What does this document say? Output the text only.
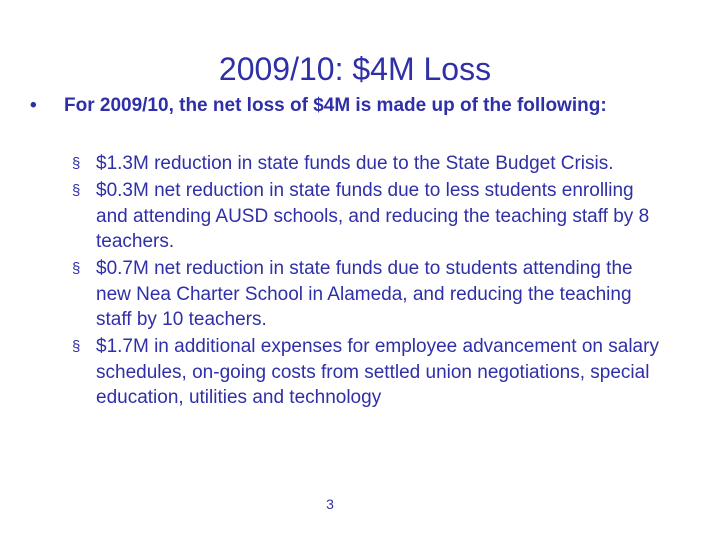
2009/10: $4M Loss
•	For 2009/10, the net loss of $4M is made up of the following:
§ $1.3M reduction in state funds due to the State Budget Crisis.
§ $0.3M net reduction in state funds due to less students enrolling and attending AUSD schools, and reducing the teaching staff by 8 teachers.
§ $0.7M net reduction in state funds due to students attending the new Nea Charter School in Alameda, and reducing the teaching staff by 10 teachers.
§ $1.7M in additional expenses for employee advancement on salary schedules, on-going costs from settled union negotiations, special education, utilities and technology
3
